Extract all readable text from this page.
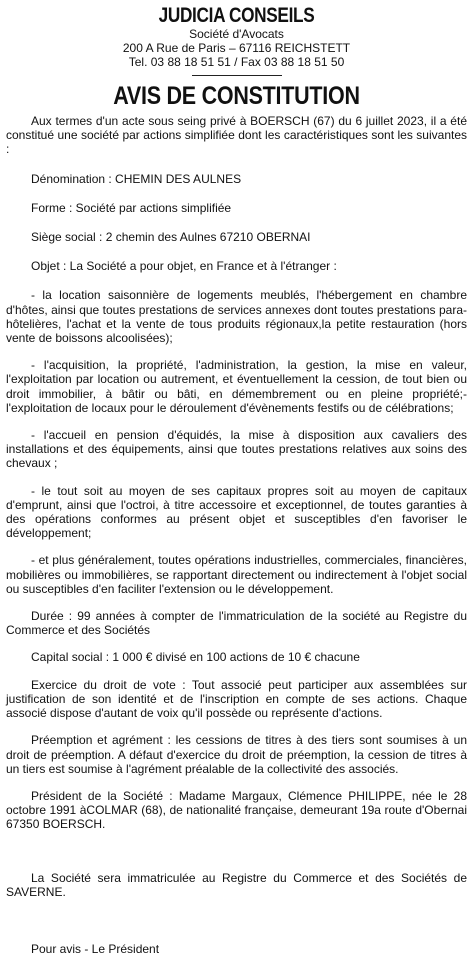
JUDICIA CONSEILS

Société d'Avocats

200 A Rue de Paris – 67116 REICHSTETT

Tel. 03 88 18 51 51 / Fax 03 88 18 51 50

AVIS DE CONSTITUTION

Aux termes d'un acte sous seing privé à BOERSCH (67) du 6 juillet 2023, il a été constitué une société par actions simplifiée dont les caractéristiques sont les suivantes :

Dénomination : CHEMIN DES AULNES

Forme : Société par actions simplifiée

Siège social : 2 chemin des Aulnes 67210 OBERNAI

Objet : La Société a pour objet, en France et à l'étranger :

- la location saisonnière de logements meublés, l'hébergement en chambre d'hôtes, ainsi que toutes prestations de services annexes dont toutes prestations para-hôtelières, l'achat et la vente de tous produits régionaux,la petite restauration (hors vente de boissons alcoolisées);

- l'acquisition, la propriété, l'administration, la gestion, la mise en valeur, l'exploitation par location ou autrement, et éventuellement la cession, de tout bien ou droit immobilier, à bâtir ou bâti, en démembrement ou en pleine propriété;- l'exploitation de locaux pour le déroulement d'évènements festifs ou de célébrations;

- l'accueil en pension d'équidés, la mise à disposition aux cavaliers des installations et des équipements, ainsi que toutes prestations relatives aux soins des chevaux ;

- le tout soit au moyen de ses capitaux propres soit au moyen de capitaux d'emprunt, ainsi que l'octroi, à titre accessoire et exceptionnel, de toutes garanties à des opérations conformes au présent objet et susceptibles d'en favoriser le développement;

- et plus généralement, toutes opérations industrielles, commerciales, financières, mobilières ou immobilières, se rapportant directement ou indirectement à l'objet social ou susceptibles d'en faciliter l'extension ou le développement.

Durée : 99 années à compter de l'immatriculation de la société au Registre du Commerce et des Sociétés

Capital social : 1 000 € divisé en 100 actions de 10 € chacune

Exercice du droit de vote : Tout associé peut participer aux assemblées sur justification de son identité et de l'inscription en compte de ses actions. Chaque associé dispose d'autant de voix qu'il possède ou représente d'actions.

Préemption et agrément : les cessions de titres à des tiers sont soumises à un droit de préemption. A défaut d'exercice du droit de préemption, la cession de titres à un tiers est soumise à l'agrément préalable de la collectivité des associés.

Président de la Société : Madame Margaux, Clémence PHILIPPE, née le 28 octobre 1991 àCOLMAR (68), de nationalité française, demeurant 19a route d'Obernai 67350 BOERSCH.

La Société sera immatriculée au Registre du Commerce et des Sociétés de SAVERNE.

Pour avis - Le Président
